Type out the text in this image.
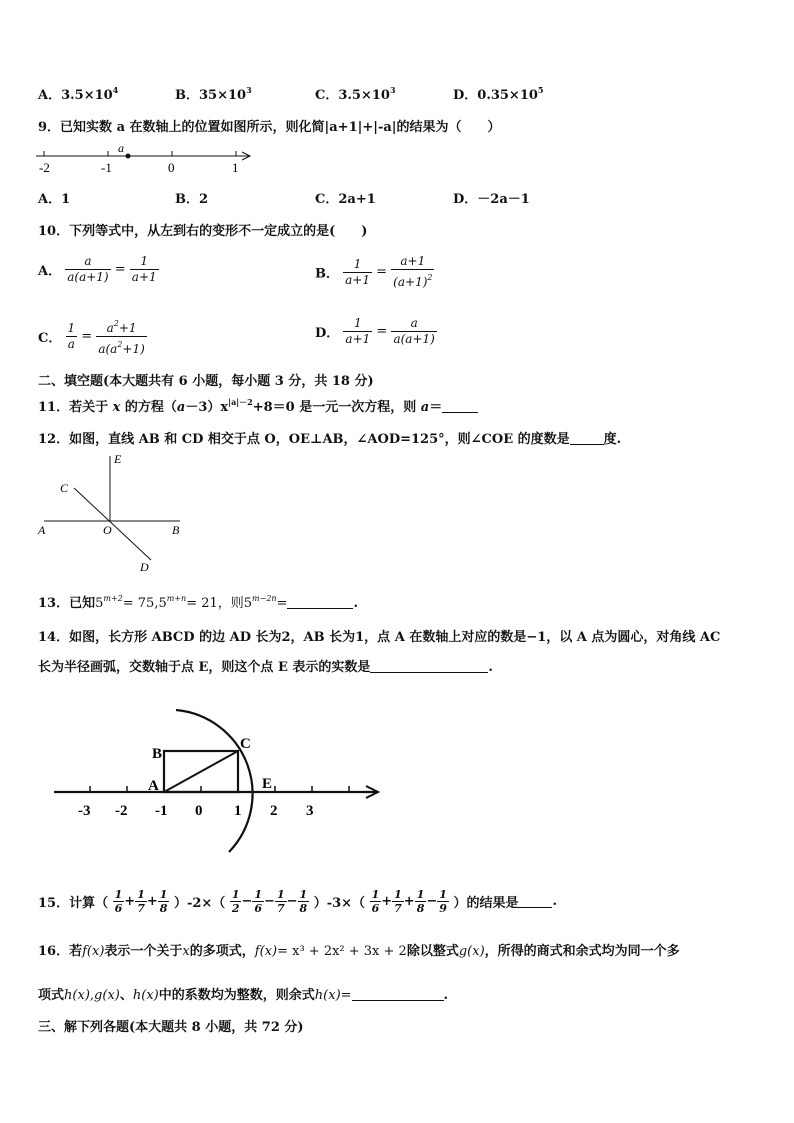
A．$3.5\times 10^4$	B．$35\times 10^3$	C．$3.5\times 10^3$	D．$0.35\times 10^5$
9．已知实数 a 在数轴上的位置如图所示，则化简|a+1|+|-a|的结果为（　　）
a
-2	-1	0	1
A．1	B．2	C．2a+1	D．－2a－1
10．下列等式中，从左到右的变形不一定成立的是(　　)
A． $\frac{a}{a(a+1)} = \frac{1}{a+1}$	B． $\frac{1}{a+1} = \frac{a+1}{(a+1)^2}$
C． $\frac{1}{a} = \frac{a^2+1}{a(a^2+1)}$	D． $\frac{1}{a+1} = \frac{a}{a(a+1)}$
二、填空题(本大题共有 6 小题，每小题 3 分，共 18 分)
11．若关于 x 的方程$(a-3)x^{|a|-2}+8=0$ 是一元一次方程，则 a＝
12．如图，直线 AB 和 CD 相交于点 O，OE⊥AB，∠AOD=125°，则∠COE 的度数是	度.
E
C
A	O	B
D
13．已知$5^{m+2}= 75,5^{m+n}= 21$，则$5^{m-2n}=$	.
14．如图，长方形 ABCD 的边 AD 长为2，AB 长为1，点 A 在数轴上对应的数是−1，以 A 点为圆心，对角线 AC
长为半径画弧，交数轴于点 E，则这个点 E 表示的实数是	.
B
C
A	E
-3 -2 -1 0 1 2 3
15．计算（ $\frac{1}{6} + \frac{1}{7} + \frac{1}{8} )-2\times( \frac{1}{2} - \frac{1}{6} - \frac{1}{7} - \frac{1}{8} )-3\times( \frac{1}{6} + \frac{1}{7} + \frac{1}{8} - \frac{1}{9}$ ）的结果是	.
16．若f(x)表示一个关于x的多项式，f(x)= x³ + 2x² + 3x + 2除以整式g(x)，所得的商式和余式均为同一个多
项式h(x),g(x)、h(x)中的系数均为整数，则余式h(x)=	.
三、解下列各题(本大题共 8 小题，共 72 分)
